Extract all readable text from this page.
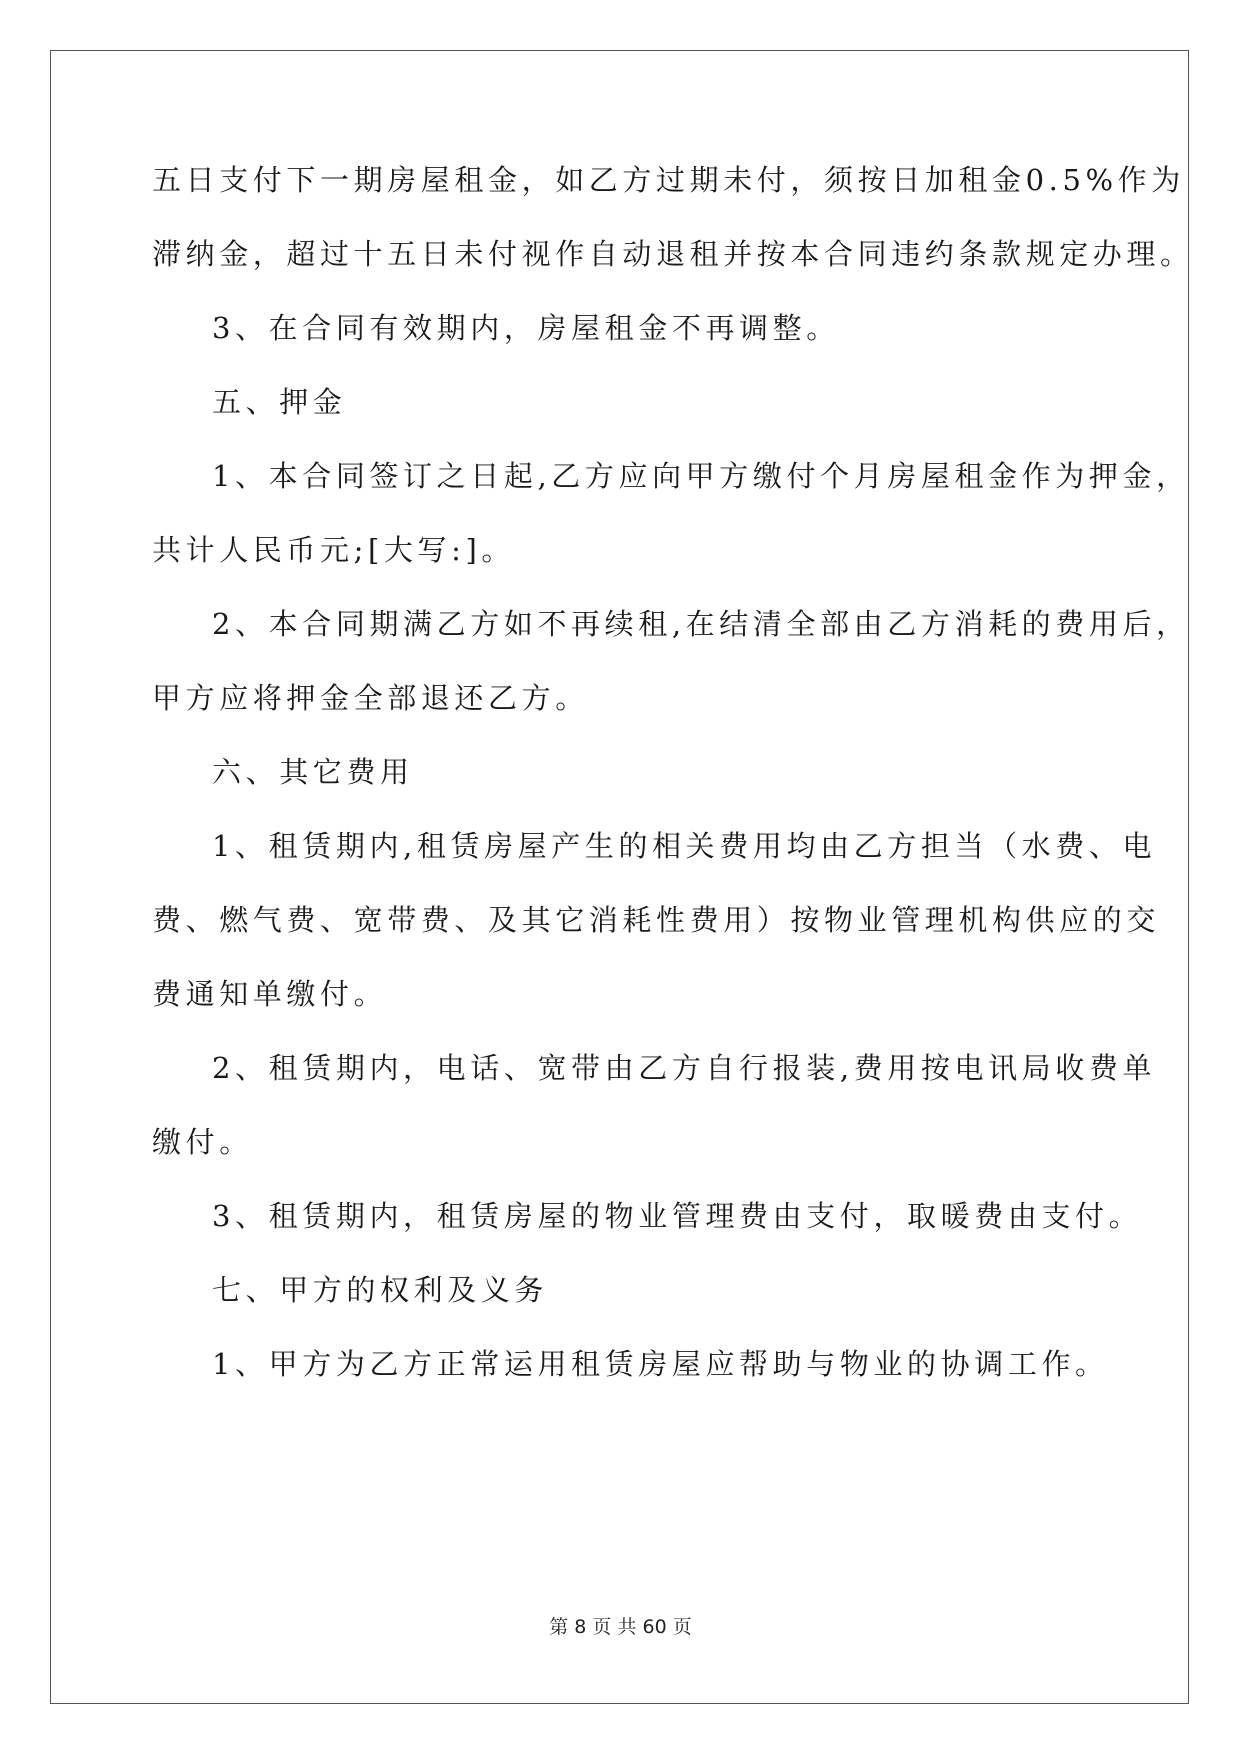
五日支付下一期房屋租金，如乙方过期未付，须按日加租金0.5%作为
滞纳金，超过十五日未付视作自动退租并按本合同违约条款规定办理。
3、在合同有效期内，房屋租金不再调整。
五、押金
1、本合同签订之日起,乙方应向甲方缴付个月房屋租金作为押金，
共计人民币元;[大写:]。
2、本合同期满乙方如不再续租,在结清全部由乙方消耗的费用后，
甲方应将押金全部退还乙方。
六、其它费用
1、租赁期内,租赁房屋产生的相关费用均由乙方担当（水费、电
费、燃气费、宽带费、及其它消耗性费用）按物业管理机构供应的交
费通知单缴付。
2、租赁期内，电话、宽带由乙方自行报装,费用按电讯局收费单
缴付。
3、租赁期内，租赁房屋的物业管理费由支付，取暖费由支付。
七、甲方的权利及义务
1、甲方为乙方正常运用租赁房屋应帮助与物业的协调工作。
第 8 页 共 60 页
